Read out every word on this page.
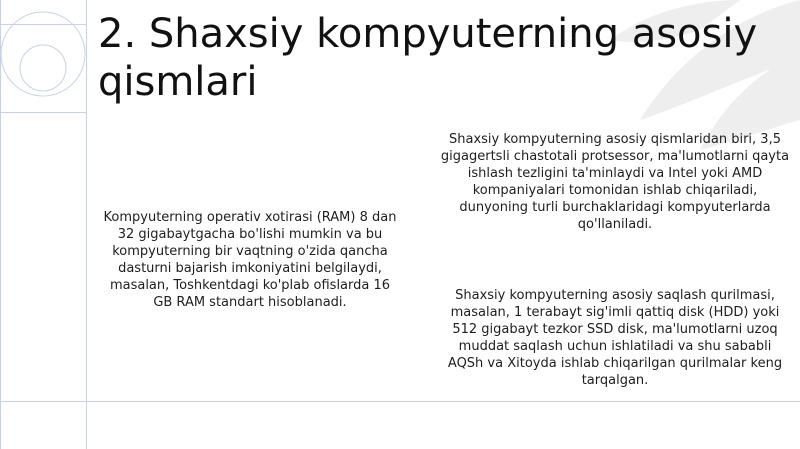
2. Shaxsiy kompyuterning asosiy qismlari

Kompyuterning operativ xotirasi (RAM) 8 dan 32 gigabaytgacha bo'lishi mumkin va bu kompyuterning bir vaqtning o'zida qancha dasturni bajarish imkoniyatini belgilaydi, masalan, Toshkentdagi ko'plab ofislarda 16 GB RAM standart hisoblanadi.

Shaxsiy kompyuterning asosiy qismlaridan biri, 3,5 gigagertsli chastotali protsessor, ma'lumotlarni qayta ishlash tezligini ta'minlaydi va Intel yoki AMD kompaniyalari tomonidan ishlab chiqariladi, dunyoning turli burchaklaridagi kompyuterlarda qo'llaniladi.

Shaxsiy kompyuterning asosiy saqlash qurilmasi, masalan, 1 terabayt sig'imli qattiq disk (HDD) yoki 512 gigabayt tezkor SSD disk, ma'lumotlarni uzoq muddat saqlash uchun ishlatiladi va shu sababli AQSh va Xitoyda ishlab chiqarilgan qurilmalar keng tarqalgan.
